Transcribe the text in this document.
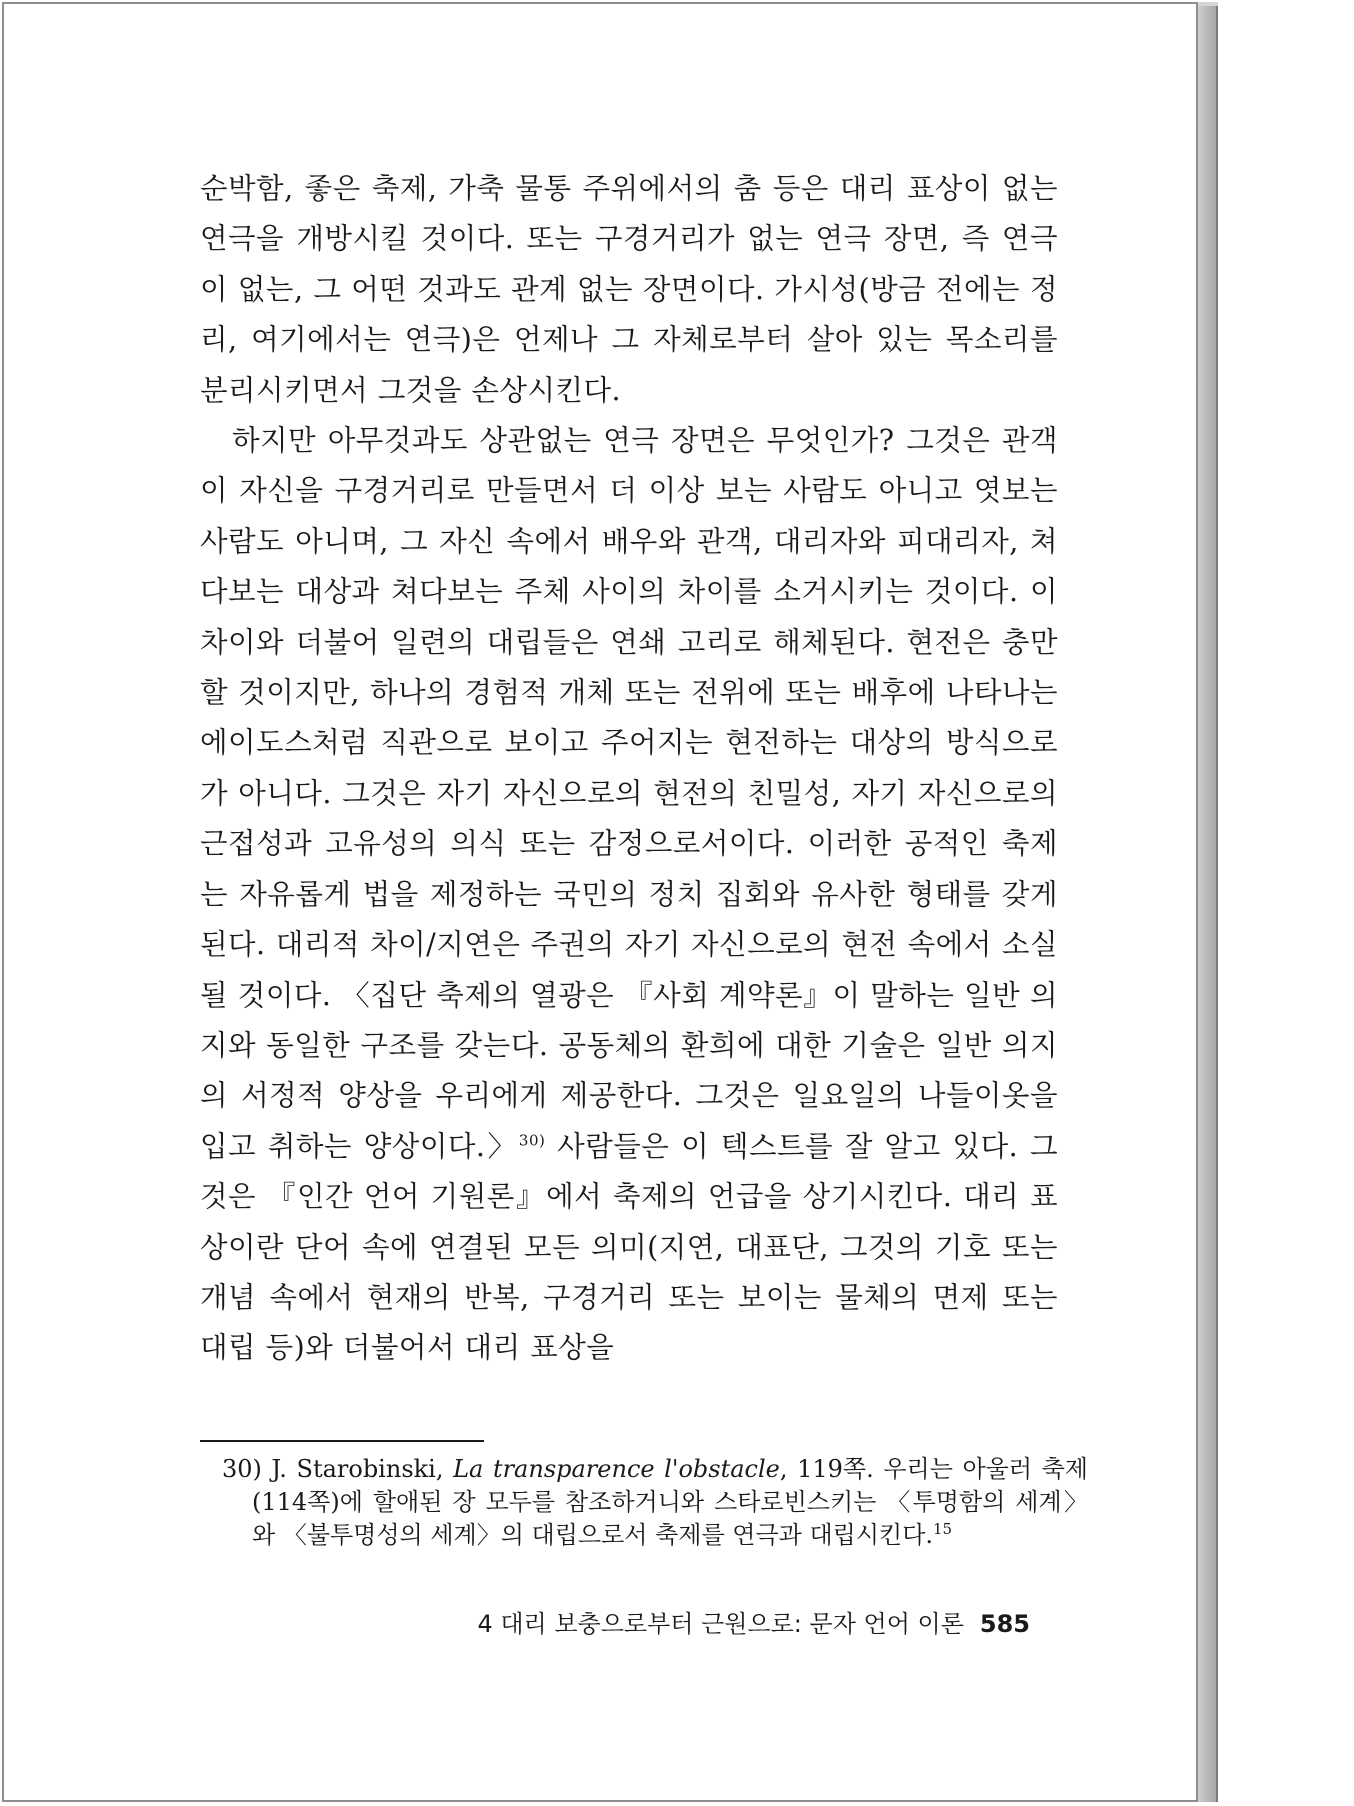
순박함, 좋은 축제, 가축 물통 주위에서의 춤 등은 대리 표상이 없는 연극을 개방시킬 것이다. 또는 구경거리가 없는 연극 장면, 즉 연극이 없는, 그 어떤 것과도 관계 없는 장면이다. 가시성(방금 전에는 정리, 여기에서는 연극)은 언제나 그 자체로부터 살아 있는 목소리를 분리시키면서 그것을 손상시킨다.

하지만 아무것과도 상관없는 연극 장면은 무엇인가? 그것은 관객이 자신을 구경거리로 만들면서 더 이상 보는 사람도 아니고 엿보는 사람도 아니며, 그 자신 속에서 배우와 관객, 대리자와 피대리자, 쳐다보는 대상과 쳐다보는 주체 사이의 차이를 소거시키는 것이다. 이 차이와 더불어 일련의 대립들은 연쇄 고리로 해체된다. 현전은 충만할 것이지만, 하나의 경험적 개체 또는 전위에 또는 배후에 나타나는 에이도스처럼 직관으로 보이고 주어지는 현전하는 대상의 방식으로가 아니다. 그것은 자기 자신으로의 현전의 친밀성, 자기 자신으로의 근접성과 고유성의 의식 또는 감정으로서이다. 이러한 공적인 축제는 자유롭게 법을 제정하는 국민의 정치 집회와 유사한 형태를 갖게 된다. 대리적 차이/지연은 주권의 자기 자신으로의 현전 속에서 소실될 것이다. 〈집단 축제의 열광은 『사회 계약론』이 말하는 일반 의지와 동일한 구조를 갖는다. 공동체의 환희에 대한 기술은 일반 의지의 서정적 양상을 우리에게 제공한다. 그것은 일요일의 나들이옷을 입고 취하는 양상이다.〉$^{30)}$ 사람들은 이 텍스트를 잘 알고 있다. 그것은 『인간 언어 기원론』에서 축제의 언급을 상기시킨다. 대리 표상이란 단어 속에 연결된 모든 의미(지연, 대표단, 그것의 기호 또는 개념 속에서 현재의 반복, 구경거리 또는 보이는 물체의 면제 또는 대립 등)와 더불어서 대리 표상을

30) J. Starobinski, La transparence l'obstacle, 119쪽. 우리는 아울러 축제(114쪽)에 할애된 장 모두를 참조하거니와 스타로빈스키는 〈투명함의 세계〉와 〈불투명성의 세계〉의 대립으로서 축제를 연극과 대립시킨다.$^{15}$
4 대리 보충으로부터 근원으로: 문자 언어 이론 585
